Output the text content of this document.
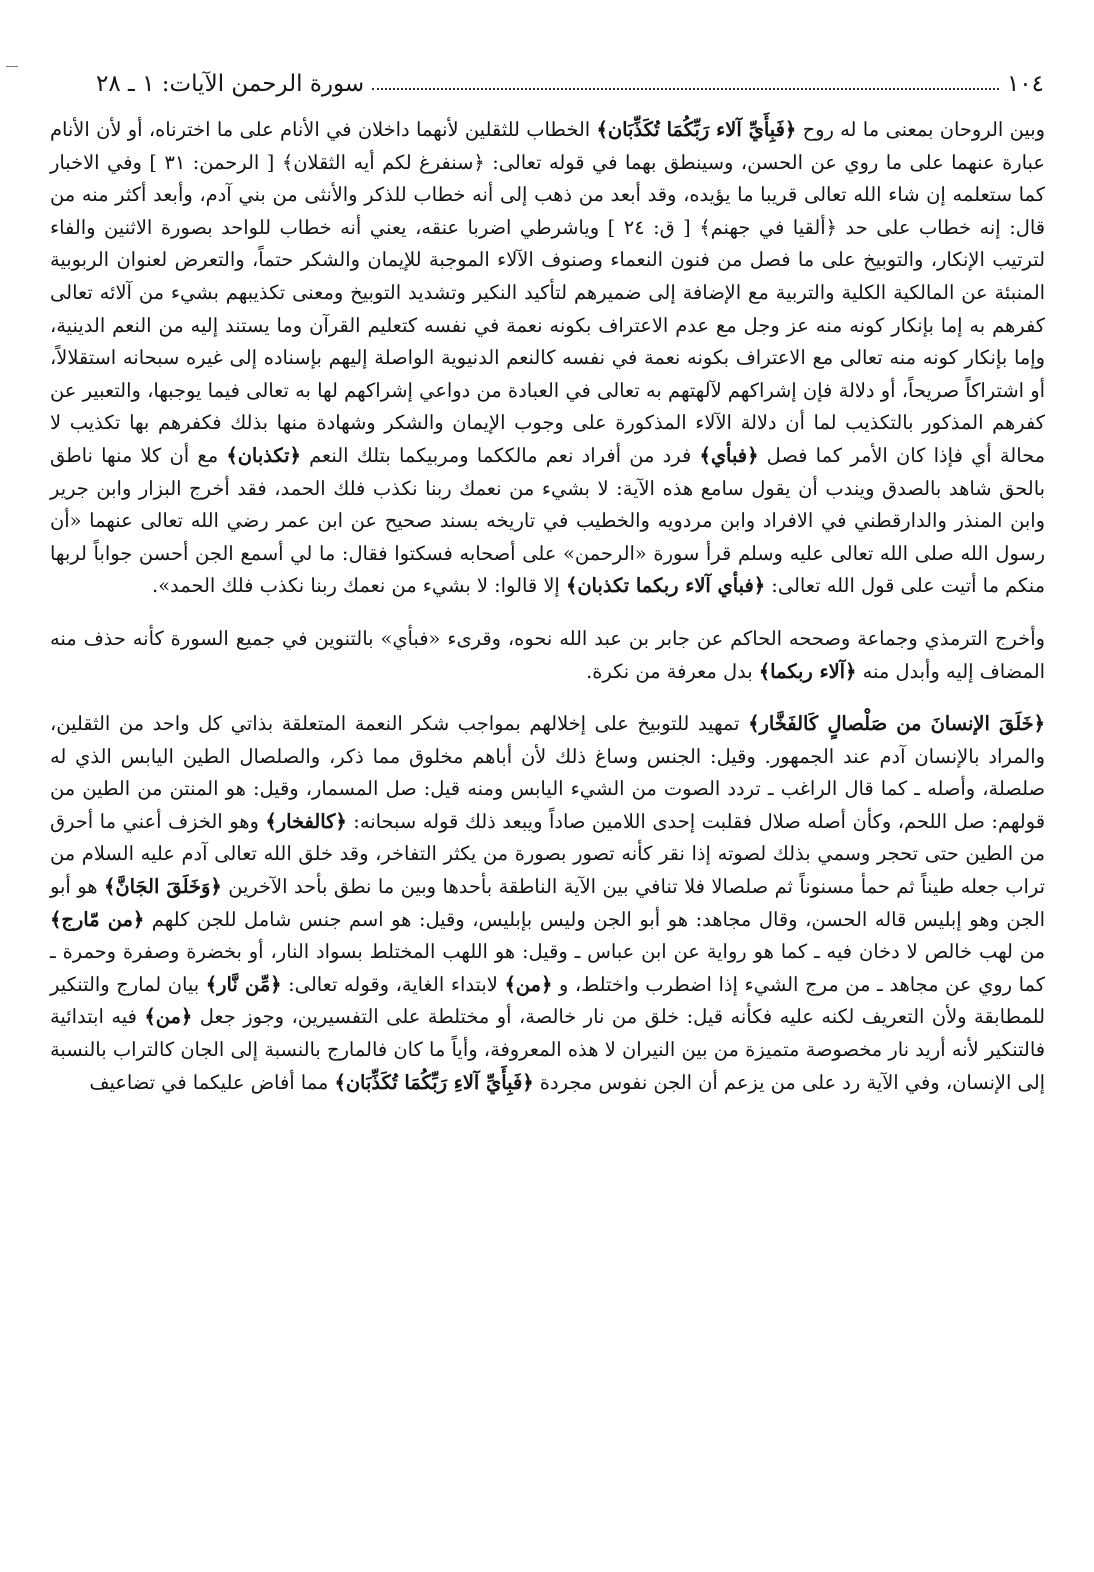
١٠٤
سورة الرحمن الآيات: ١ ـ ٢٨

وبين الروحان بمعنى ما له روح ﴿فَبِأَيِّ آلاء رَبِّكُمَا تُكَذِّبَان﴾ الخطاب للثقلين لأنهما داخلان في الأنام على ما اخترناه، أو لأن الأنام عبارة عنهما على ما روي عن الحسن، وسينطق بهما في قوله تعالى: ﴿سنفرغ لكم أيه الثقلان﴾ [ الرحمن: ٣١ ] وفي الاخبار كما ستعلمه إن شاء الله تعالى قريبا ما يؤيده، وقد أبعد من ذهب إلى أنه خطاب للذكر والأنثى من بني آدم، وأبعد أكثر منه من قال: إنه خطاب على حد ﴿ألقيا في جهنم﴾ [ ق: ٢٤ ] وياشرطي اضربا عنقه، يعني أنه خطاب للواحد بصورة الاثنين والفاء لترتيب الإنكار، والتوبيخ على ما فصل من فنون النعماء وصنوف الآلاء الموجبة للإيمان والشكر حتماً، والتعرض لعنوان الربوبية المنبئة عن المالكية الكلية والتربية مع الإضافة إلى ضميرهم لتأكيد النكير وتشديد التوبيخ ومعنى تكذيبهم بشيء من آلائه تعالى كفرهم به إما بإنكار كونه منه عز وجل مع عدم الاعتراف بكونه نعمة في نفسه كتعليم القرآن وما يستند إليه من النعم الدينية، وإما بإنكار كونه منه تعالى مع الاعتراف بكونه نعمة في نفسه كالنعم الدنيوية الواصلة إليهم بإسناده إلى غيره سبحانه استقلالاً، أو اشتراكاً صريحاً، أو دلالة فإن إشراكهم لآلهتهم به تعالى في العبادة من دواعي إشراكهم لها به تعالى فيما يوجبها، والتعبير عن كفرهم المذكور بالتكذيب لما أن دلالة الآلاء المذكورة على وجوب الإيمان والشكر وشهادة منها بذلك فكفرهم بها تكذيب لا محالة أي فإذا كان الأمر كما فصل ﴿فبأي﴾ فرد من أفراد نعم مالككما ومربيكما بتلك النعم ﴿تكذبان﴾ مع أن كلا منها ناطق بالحق شاهد بالصدق ويندب أن يقول سامع هذه الآية: لا بشيء من نعمك ربنا نكذب فلك الحمد، فقد أخرج البزار وابن جرير وابن المنذر والدارقطني في الافراد وابن مردويه والخطيب في تاريخه بسند صحيح عن ابن عمر رضي الله تعالى عنهما «أن رسول الله صلى الله تعالى عليه وسلم قرأ سورة «الرحمن» على أصحابه فسكتوا فقال: ما لي أسمع الجن أحسن جواباً لربها منكم ما أتيت على قول الله تعالى: ﴿فبأي آلاء ربكما تكذبان﴾ إلا قالوا: لا بشيء من نعمك ربنا نكذب فلك الحمد».

وأخرج الترمذي وجماعة وصححه الحاكم عن جابر بن عبد الله نحوه، وقرىء «فبأي» بالتنوين في جميع السورة كأنه حذف منه المضاف إليه وأبدل منه ﴿آلاء ربكما﴾ بدل معرفة من نكرة.

﴿خَلَقَ الإنسانَ من صَلْصالٍ كَالفَخَّار﴾ تمهيد للتوبيخ على إخلالهم بمواجب شكر النعمة المتعلقة بذاتي كل واحد من الثقلين، والمراد بالإنسان آدم عند الجمهور. وقيل: الجنس وساغ ذلك لأن أباهم مخلوق مما ذكر، والصلصال الطين اليابس الذي له صلصلة، وأصله ـ كما قال الراغب ـ تردد الصوت من الشيء اليابس ومنه قيل: صل المسمار، وقيل: هو المنتن من الطين من قولهم: صل اللحم، وكأن أصله صلال فقلبت إحدى اللامين صاداً ويبعد ذلك قوله سبحانه: ﴿كالفخار﴾ وهو الخزف أعني ما أحرق من الطين حتى تحجر وسمي بذلك لصوته إذا نقر كأنه تصور بصورة من يكثر التفاخر، وقد خلق الله تعالى آدم عليه السلام من تراب جعله طيناً ثم حمأ مسنوناً ثم صلصالا فلا تنافي بين الآية الناطقة بأحدها وبين ما نطق بأحد الآخرين ﴿وَخَلَقَ الجَانَّ﴾ هو أبو الجن وهو إبليس قاله الحسن، وقال مجاهد: هو أبو الجن وليس بإبليس، وقيل: هو اسم جنس شامل للجن كلهم ﴿من مّارج﴾ من لهب خالص لا دخان فيه ـ كما هو رواية عن ابن عباس ـ وقيل: هو اللهب المختلط بسواد النار، أو بخضرة وصفرة وحمرة ـ كما روي عن مجاهد ـ من مرج الشيء إذا اضطرب واختلط، و ﴿من﴾ لابتداء الغاية، وقوله تعالى: ﴿مِّن نَّار﴾ بيان لمارج والتنكير للمطابقة ولأن التعريف لكنه عليه فكأنه قيل: خلق من نار خالصة، أو مختلطة على التفسيرين، وجوز جعل ﴿من﴾ فيه ابتدائية فالتنكير لأنه أريد نار مخصوصة متميزة من بين النيران لا هذه المعروفة، وأياً ما كان فالمارج بالنسبة إلى الجان كالتراب بالنسبة إلى الإنسان، وفي الآية رد على من يزعم أن الجن نفوس مجردة ﴿فَبِأَيِّ آلاءِ رَبِّكُمَا تُكَذِّبَان﴾ مما أفاض عليكما في تضاعيف
